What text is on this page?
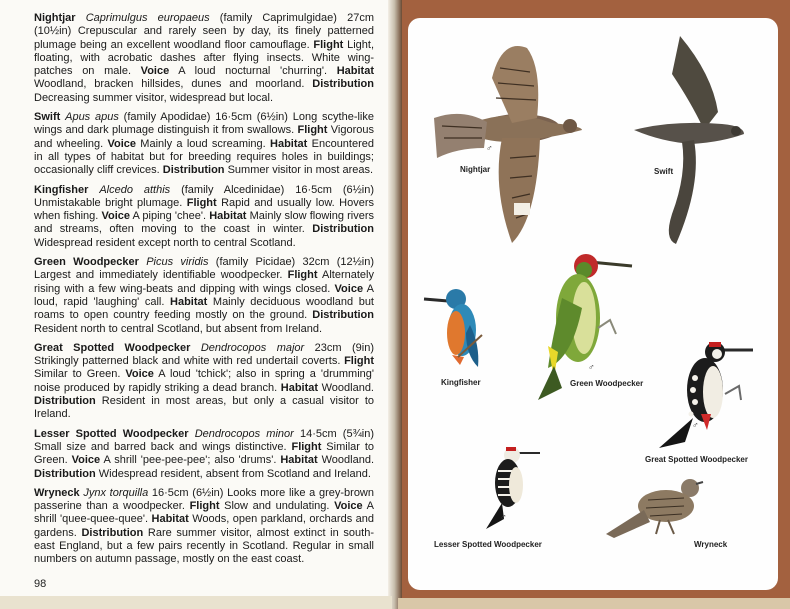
Nightjar Caprimulgus europaeus (family Caprimulgidae) 27cm (10½in) Crepuscular and rarely seen by day, its finely patterned plumage being an excellent woodland floor camouflage. Flight Light, floating, with acrobatic dashes after flying insects. White wing-patches on male. Voice A loud nocturnal 'churring'. Habitat Woodland, bracken hillsides, dunes and moorland. Distribution Decreasing summer visitor, widespread but local.

Swift Apus apus (family Apodidae) 16·5cm (6½in) Long scythe-like wings and dark plumage distinguish it from swallows. Flight Vigorous and wheeling. Voice Mainly a loud screaming. Habitat Encountered in all types of habitat but for breeding requires holes in buildings; occasionally cliff crevices. Distribution Summer visitor in most areas.

Kingfisher Alcedo atthis (family Alcedinidae) 16·5cm (6½in) Unmistakable bright plumage. Flight Rapid and usually low. Hovers when fishing. Voice A piping 'chee'. Habitat Mainly slow flowing rivers and streams, often moving to the coast in winter. Distribution Widespread resident except north to central Scotland.

Green Woodpecker Picus viridis (family Picidae) 32cm (12½in) Largest and immediately identifiable woodpecker. Flight Alternately rising with a few wing-beats and dipping with wings closed. Voice A loud, rapid 'laughing' call. Habitat Mainly deciduous woodland but roams to open country feeding mostly on the ground. Distribution Resident north to central Scotland, but absent from Ireland.

Great Spotted Woodpecker Dendrocopos major 23cm (9in) Strikingly patterned black and white with red undertail coverts. Flight Similar to Green. Voice A loud 'tchick'; also in spring a 'drumming' noise produced by rapidly striking a dead branch. Habitat Woodland. Distribution Resident in most areas, but only a casual visitor to Ireland.

Lesser Spotted Woodpecker Dendrocopos minor 14·5cm (5¾in) Small size and barred back and wings distinctive. Flight Similar to Green. Voice A shrill 'pee-pee-pee'; also 'drums'. Habitat Woodland. Distribution Widespread resident, absent from Scotland and Ireland.

Wryneck Jynx torquilla 16·5cm (6½in) Looks more like a grey-brown passerine than a woodpecker. Flight Slow and undulating. Voice A shrill 'quee-quee-quee'. Habitat Woods, open parkland, orchards and gardens. Distribution Rare summer visitor, almost extinct in south-east England, but a few pairs recently in Scotland. Regular in small numbers on autumn passage, mostly on the east coast.

98
♂
Nightjar	Swift
Kingfisher
♂
Green Woodpecker
♂
Great Spotted Woodpecker
♂
Lesser Spotted Woodpecker	Wryneck
